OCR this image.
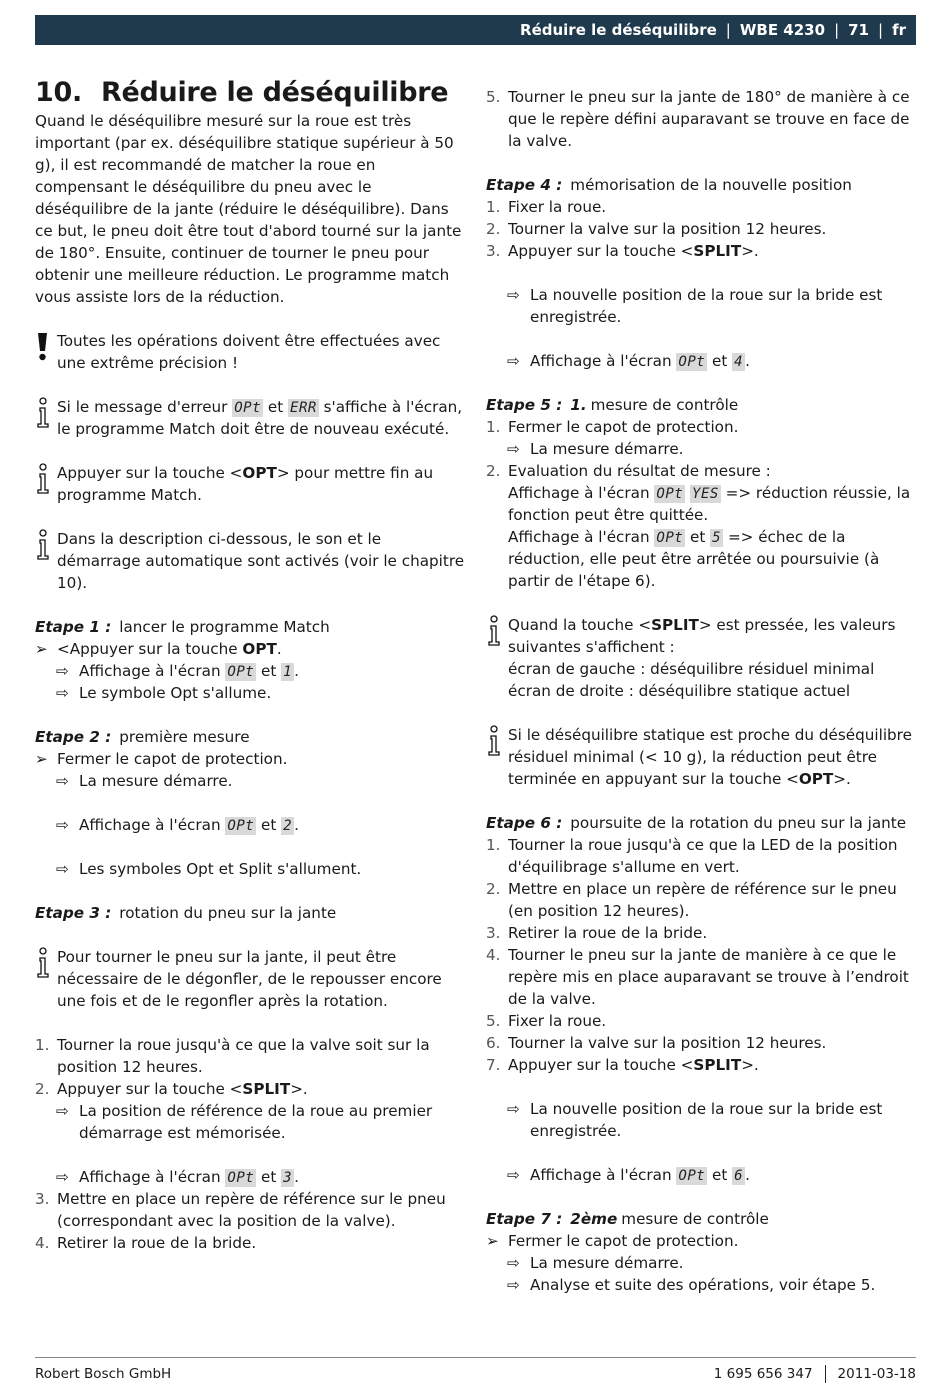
Réduire le déséquilibre | WBE 4230 | 71 | fr
10. Réduire le déséquilibre

Quand le déséquilibre mesuré sur la roue est très important (par ex. déséquilibre statique supérieur à 50 g), il est recommandé de matcher la roue en compensant le déséquilibre du pneu avec le déséquilibre de la jante (réduire le déséquilibre). Dans ce but, le pneu doit être tout d'abord tourné sur la jante de 180°. Ensuite, continuer de tourner le pneu pour obtenir une meilleure réduction. Le programme match vous assiste lors de la réduction.

Toutes les opérations doivent être effectuées avec une extrême précision !

Si le message d'erreur OPt et ERR s'affiche à l'écran, le programme Match doit être de nouveau exécuté.

Appuyer sur la touche <OPT> pour mettre fin au programme Match.

Dans la description ci-dessous, le son et le démarrage automatique sont activés (voir le chapitre 10).

Etape 1 : lancer le programme Match

➢ <Appuyer sur la touche OPT.
⇨ Affichage à l'écran OPt et 1 .
⇨ Le symbole Opt s'allume.

Etape 2 : première mesure

➢ Fermer le capot de protection.
⇨ La mesure démarre.
⇨ Affichage à l'écran OPt et 2 .
⇨ Les symboles Opt et Split s'allument.

Etape 3 : rotation du pneu sur la jante

Pour tourner le pneu sur la jante, il peut être nécessaire de le dégonfler, de le repousser encore une fois et de le regonfler après la rotation.

1. Tourner la roue jusqu'à ce que la valve soit sur la position 12 heures.
2. Appuyer sur la touche <SPLIT>.
⇨ La position de référence de la roue au premier démarrage est mémorisée.
⇨ Affichage à l'écran OPt et 3 .
3. Mettre en place un repère de référence sur le pneu (correspondant avec la position de la valve).
4. Retirer la roue de la bride.
5. Tourner le pneu sur la jante de 180° de manière à ce que le repère défini auparavant se trouve en face de la valve.

Etape 4 : mémorisation de la nouvelle position

1. Fixer la roue.
2. Tourner la valve sur la position 12 heures.
3. Appuyer sur la touche <SPLIT>.
⇨ La nouvelle position de la roue sur la bride est enregistrée.
⇨ Affichage à l'écran OPt et 4 .

Etape 5 : 1. mesure de contrôle

1. Fermer le capot de protection.
⇨ La mesure démarre.
2. Evaluation du résultat de mesure :
Affichage à l'écran OPt YES => réduction réussie, la fonction peut être quittée.
Affichage à l'écran OPt et 5 => échec de la réduction, elle peut être arrêtée ou poursuivie (à partir de l'étape 6).

Quand la touche <SPLIT> est pressée, les valeurs suivantes s'affichent :
écran de gauche : déséquilibre résiduel minimal
écran de droite : déséquilibre statique actuel

Si le déséquilibre statique est proche du déséquilibre résiduel minimal (< 10 g), la réduction peut être terminée en appuyant sur la touche <OPT>.

Etape 6 : poursuite de la rotation du pneu sur la jante

1. Tourner la roue jusqu'à ce que la LED de la position d'équilibrage s'allume en vert.
2. Mettre en place un repère de référence sur le pneu (en position 12 heures).
3. Retirer la roue de la bride.
4. Tourner le pneu sur la jante de manière à ce que le repère mis en place auparavant se trouve à l’endroit de la valve.
5. Fixer la roue.
6. Tourner la valve sur la position 12 heures.
7. Appuyer sur la touche <SPLIT>.
⇨ La nouvelle position de la roue sur la bride est enregistrée.
⇨ Affichage à l'écran OPt et 6 .

Etape 7 : 2ème mesure de contrôle

➢ Fermer le capot de protection.
⇨ La mesure démarre.
⇨ Analyse et suite des opérations, voir étape 5.
Robert Bosch GmbH	1 695 656 347 2011-03-18
